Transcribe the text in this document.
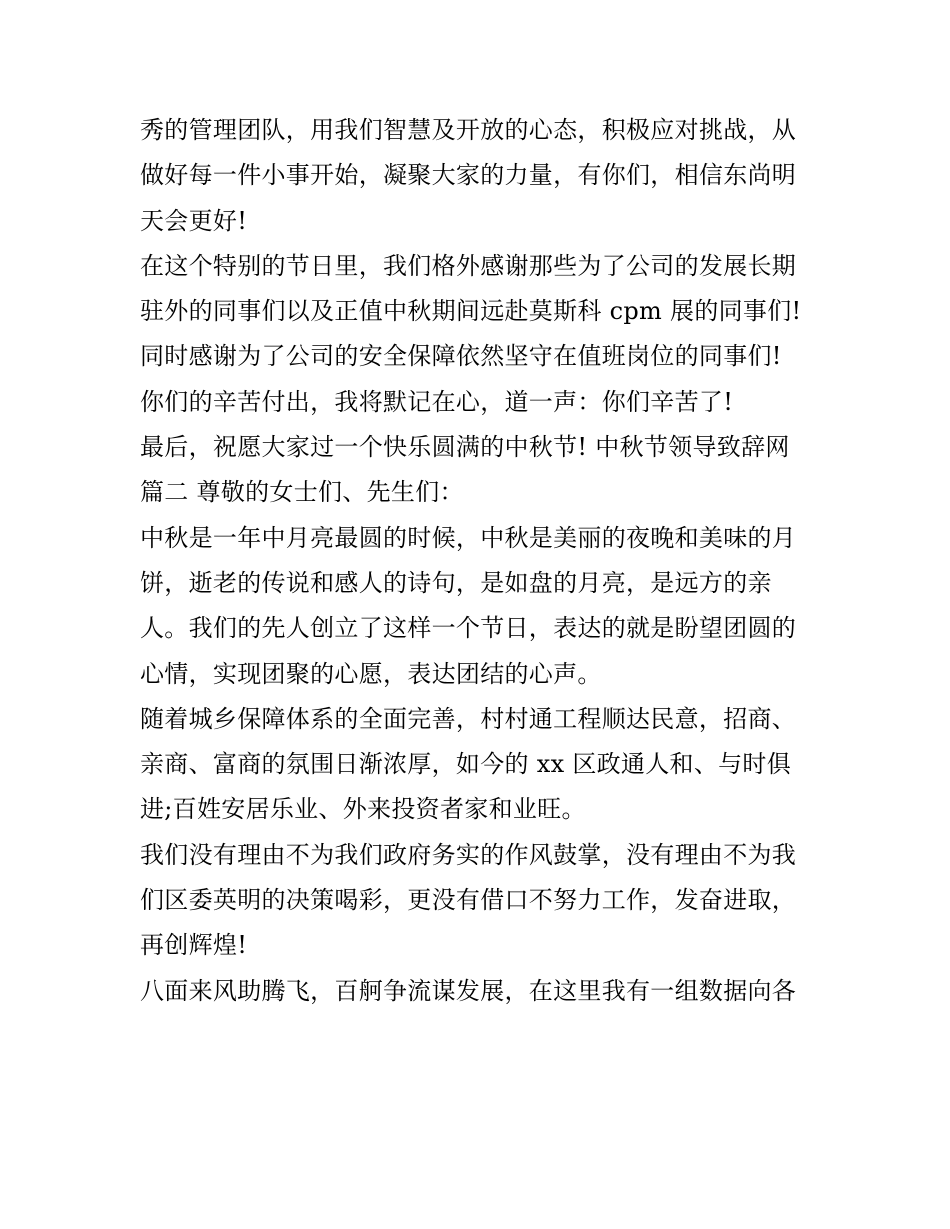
秀的管理团队，用我们智慧及开放的心态，积极应对挑战，从
做好每一件小事开始，凝聚大家的力量，有你们，相信东尚明
天会更好!
在这个特别的节日里，我们格外感谢那些为了公司的发展长期
驻外的同事们以及正值中秋期间远赴莫斯科 cpm 展的同事们!
同时感谢为了公司的安全保障依然坚守在值班岗位的同事们!
你们的辛苦付出，我将默记在心，道一声：你们辛苦了!
最后，祝愿大家过一个快乐圆满的中秋节! 中秋节领导致辞网
篇二 尊敬的女士们、先生们：
中秋是一年中月亮最圆的时候，中秋是美丽的夜晚和美味的月
饼，逝老的传说和感人的诗句，是如盘的月亮，是远方的亲
人。我们的先人创立了这样一个节日，表达的就是盼望团圆的
心情，实现团聚的心愿，表达团结的心声。
随着城乡保障体系的全面完善，村村通工程顺达民意，招商、
亲商、富商的氛围日渐浓厚，如今的 xx 区政通人和、与时俱
进;百姓安居乐业、外来投资者家和业旺。
我们没有理由不为我们政府务实的作风鼓掌，没有理由不为我
们区委英明的决策喝彩，更没有借口不努力工作，发奋进取，
再创辉煌!
八面来风助腾飞，百舸争流谋发展，在这里我有一组数据向各
